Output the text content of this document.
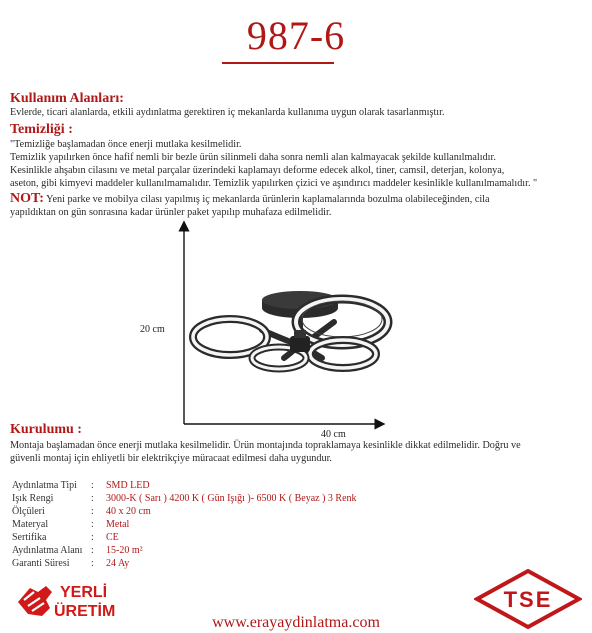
987-6
Kullanım Alanları:
Evlerde, ticari alanlarda, etkili aydınlatma gerektiren iç mekanlarda kullanıma uygun olarak tasarlanmıştır.
Temizliği :
"Temizliğe başlamadan önce enerji mutlaka kesilmelidir.
Temizlik yapılırken önce hafif nemli bir bezle ürün silinmeli daha sonra nemli alan kalmayacak şekilde kullanılmalıdır.
Kesinlikle ahşabın cilasını ve metal parçalar üzerindeki kaplamayı deforme edecek alkol, tiner, camsil, deterjan, kolonya,
aseton, gibi kimyevi maddeler kullanılmamalıdır. Temizlik yapılırken çizici ve aşındırıcı maddeler kesinlikle kullanılmamalıdır. "
NOT: Yeni parke ve mobilya cilası yapılmış iç mekanlarda ürünlerin kaplamalarında bozulma olabileceğinden, cila
yapıldıktan on gün sonrasına kadar ürünler paket yapılıp muhafaza edilmelidir.
20 cm
40 cm
Kurulumu :
Montaja başlamadan önce enerji mutlaka kesilmelidir. Ürün montajında topraklamaya kesinlikle dikkat edilmelidir. Doğru ve
güvenli montaj için ehliyetli bir elektrikçiye müracaat edilmesi daha uygundur.
Aydınlatma Tipi : SMD LED
Işık Rengi	: 3000-K ( Sarı ) 4200 K ( Gün Işığı )- 6500 K ( Beyaz ) 3 Renk
Ölçüleri	: 40 x 20 cm
Materyal	: Metal
Sertifika	: CE
Aydınlatma Alanı : 15-20 m²
Garanti Süresi : 24 Ay
YERLİ
ÜRETİM	TSE
www.erayaydinlatma.com
